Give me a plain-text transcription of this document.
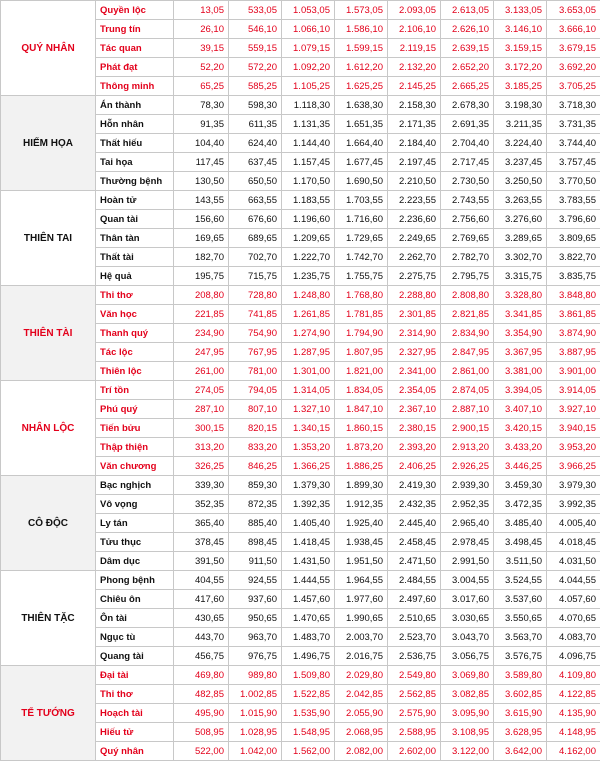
QUÝ NHÂN	Quyền lộc	13,05	533,05	1.053,05	1.573,05	2.093,05	2.613,05	3.133,05	3.653,05
	Trung tín	26,10	546,10	1.066,10	1.586,10	2.106,10	2.626,10	3.146,10	3.666,10
	Tác quan	39,15	559,15	1.079,15	1.599,15	2.119,15	2.639,15	3.159,15	3.679,15
	Phát đạt	52,20	572,20	1.092,20	1.612,20	2.132,20	2.652,20	3.172,20	3.692,20
	Thông minh	65,25	585,25	1.105,25	1.625,25	2.145,25	2.665,25	3.185,25	3.705,25
HIỂM HỌA	Án thành	78,30	598,30	1.118,30	1.638,30	2.158,30	2.678,30	3.198,30	3.718,30
	Hỗn nhân	91,35	611,35	1.131,35	1.651,35	2.171,35	2.691,35	3.211,35	3.731,35
	Thất hiếu	104,40	624,40	1.144,40	1.664,40	2.184,40	2.704,40	3.224,40	3.744,40
	Tai họa	117,45	637,45	1.157,45	1.677,45	2.197,45	2.717,45	3.237,45	3.757,45
	Thường bệnh	130,50	650,50	1.170,50	1.690,50	2.210,50	2.730,50	3.250,50	3.770,50
THIÊN TAI	Hoàn tử	143,55	663,55	1.183,55	1.703,55	2.223,55	2.743,55	3.263,55	3.783,55
	Quan tài	156,60	676,60	1.196,60	1.716,60	2.236,60	2.756,60	3.276,60	3.796,60
	Thân tàn	169,65	689,65	1.209,65	1.729,65	2.249,65	2.769,65	3.289,65	3.809,65
	Thất tài	182,70	702,70	1.222,70	1.742,70	2.262,70	2.782,70	3.302,70	3.822,70
	Hệ quả	195,75	715,75	1.235,75	1.755,75	2.275,75	2.795,75	3.315,75	3.835,75
THIÊN TÀI	Thi thơ	208,80	728,80	1.248,80	1.768,80	2.288,80	2.808,80	3.328,80	3.848,80
	Văn học	221,85	741,85	1.261,85	1.781,85	2.301,85	2.821,85	3.341,85	3.861,85
	Thanh quý	234,90	754,90	1.274,90	1.794,90	2.314,90	2.834,90	3.354,90	3.874,90
	Tác lộc	247,95	767,95	1.287,95	1.807,95	2.327,95	2.847,95	3.367,95	3.887,95
	Thiên lộc	261,00	781,00	1.301,00	1.821,00	2.341,00	2.861,00	3.381,00	3.901,00
NHÂN LỘC	Trí tồn	274,05	794,05	1.314,05	1.834,05	2.354,05	2.874,05	3.394,05	3.914,05
	Phú quý	287,10	807,10	1.327,10	1.847,10	2.367,10	2.887,10	3.407,10	3.927,10
	Tiến bửu	300,15	820,15	1.340,15	1.860,15	2.380,15	2.900,15	3.420,15	3.940,15
	Thập thiện	313,20	833,20	1.353,20	1.873,20	2.393,20	2.913,20	3.433,20	3.953,20
	Văn chương	326,25	846,25	1.366,25	1.886,25	2.406,25	2.926,25	3.446,25	3.966,25
CÔ ĐỘC	Bạc nghịch	339,30	859,30	1.379,30	1.899,30	2.419,30	2.939,30	3.459,30	3.979,30
	Vô vọng	352,35	872,35	1.392,35	1.912,35	2.432,35	2.952,35	3.472,35	3.992,35
	Ly tán	365,40	885,40	1.405,40	1.925,40	2.445,40	2.965,40	3.485,40	4.005,40
	Tửu thục	378,45	898,45	1.418,45	1.938,45	2.458,45	2.978,45	3.498,45	4.018,45
	Dâm dục	391,50	911,50	1.431,50	1.951,50	2.471,50	2.991,50	3.511,50	4.031,50
THIÊN TẶC	Phong bệnh	404,55	924,55	1.444,55	1.964,55	2.484,55	3.004,55	3.524,55	4.044,55
	Chiêu ôn	417,60	937,60	1.457,60	1.977,60	2.497,60	3.017,60	3.537,60	4.057,60
	Ôn tài	430,65	950,65	1.470,65	1.990,65	2.510,65	3.030,65	3.550,65	4.070,65
	Ngục tù	443,70	963,70	1.483,70	2.003,70	2.523,70	3.043,70	3.563,70	4.083,70
	Quang tài	456,75	976,75	1.496,75	2.016,75	2.536,75	3.056,75	3.576,75	4.096,75
TỂ TƯỚNG	Đại tài	469,80	989,80	1.509,80	2.029,80	2.549,80	3.069,80	3.589,80	4.109,80
	Thi thơ	482,85	1.002,85	1.522,85	2.042,85	2.562,85	3.082,85	3.602,85	4.122,85
	Hoạch tài	495,90	1.015,90	1.535,90	2.055,90	2.575,90	3.095,90	3.615,90	4.135,90
	Hiếu tử	508,95	1.028,95	1.548,95	2.068,95	2.588,95	3.108,95	3.628,95	4.148,95
	Quý nhân	522,00	1.042,00	1.562,00	2.082,00	2.602,00	3.122,00	3.642,00	4.162,00
